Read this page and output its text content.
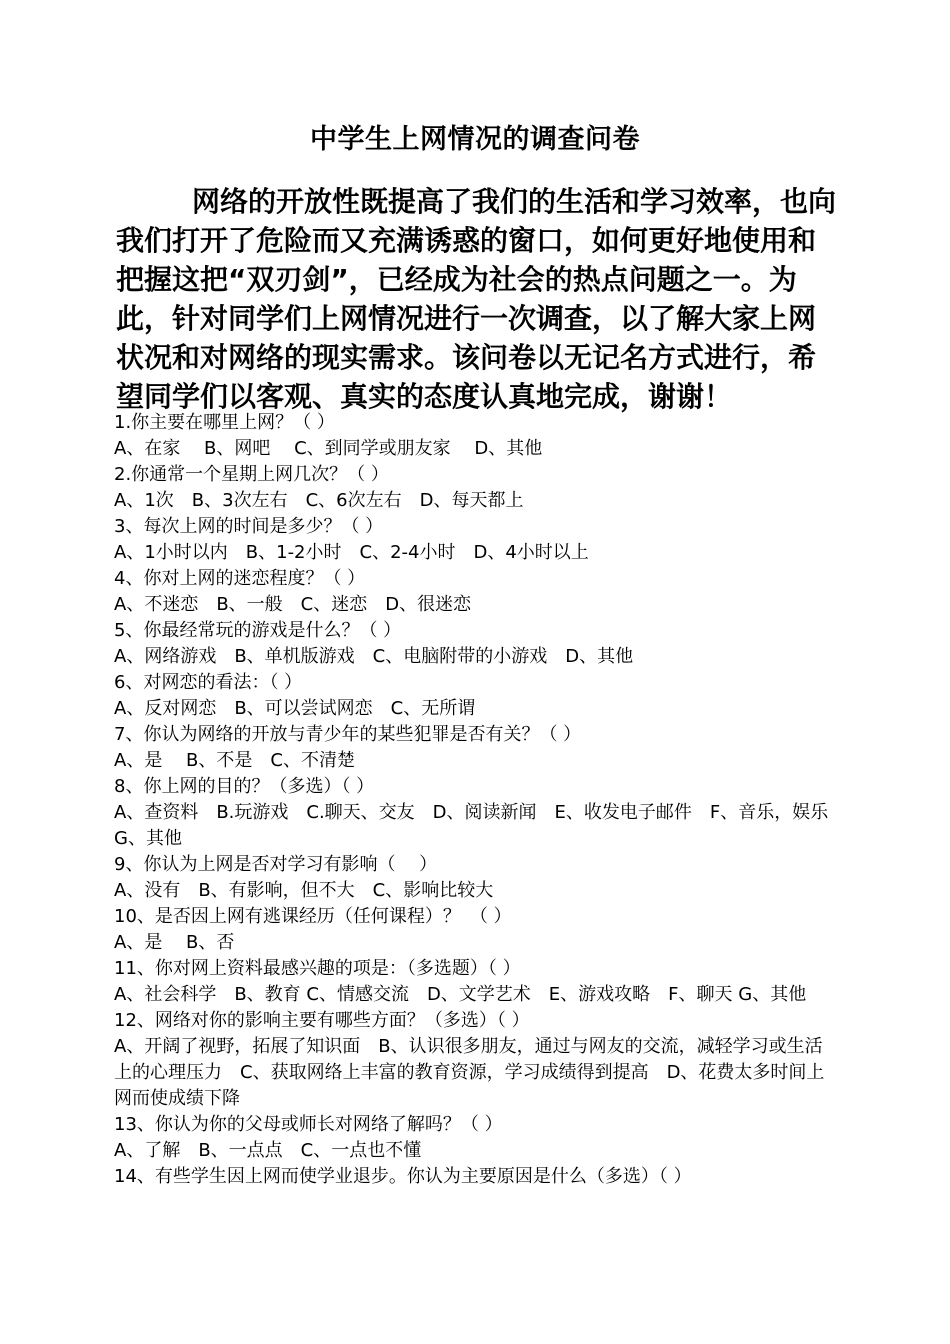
中学生上网情况的调查问卷

网络的开放性既提高了我们的生活和学习效率，也向我们打开了危险而又充满诱惑的窗口，如何更好地使用和把握这把“双刃剑”，已经成为社会的热点问题之一。为此，针对同学们上网情况进行一次调查，以了解大家上网状况和对网络的现实需求。该问卷以无记名方式进行，希望同学们以客观、真实的态度认真地完成，谢谢！

1.你主要在哪里上网？（ ）
A、在家　 B、网吧　 C、到同学或朋友家　 D、其他
2.你通常一个星期上网几次？（ ）
A、1次　B、3次左右　C、6次左右　D、每天都上
3、每次上网的时间是多少？（ ）
A、1小时以内　B、1-2小时　C、2-4小时　D、4小时以上
4、你对上网的迷恋程度？（ ）
A、不迷恋　B、一般　C、迷恋　D、很迷恋
5、你最经常玩的游戏是什么？（ ）
A、网络游戏　B、单机版游戏　C、电脑附带的小游戏　D、其他
6、对网恋的看法：（ ）
A、反对网恋　B、可以尝试网恋　C、无所谓
7、你认为网络的开放与青少年的某些犯罪是否有关？（ ）
A、是　 B、不是　C、不清楚
8、你上网的目的？（多选）（ ）
A、查资料　B.玩游戏　C.聊天、交友　D、阅读新闻　E、收发电子邮件　F、音乐，娱乐　G、其他
9、你认为上网是否对学习有影响（　 ）
A、没有　B、有影响，但不大　C、影响比较大
10、是否因上网有逃课经历（任何课程）？　（ ）
A、是　 B、否
11、你对网上资料最感兴趣的项是：（多选题）（ ）
A、社会科学　B、教育 C、情感交流　D、文学艺术　E、游戏攻略　F、聊天 G、其他
12、网络对你的影响主要有哪些方面？（多选）（ ）
A、开阔了视野，拓展了知识面　B、认识很多朋友，通过与网友的交流，减轻学习或生活上的心理压力　C、获取网络上丰富的教育资源，学习成绩得到提高　D、花费太多时间上网而使成绩下降
13、你认为你的父母或师长对网络了解吗？（ ）
A、了解　B、一点点　C、一点也不懂
14、有些学生因上网而使学业退步。你认为主要原因是什么（多选）（ ）
